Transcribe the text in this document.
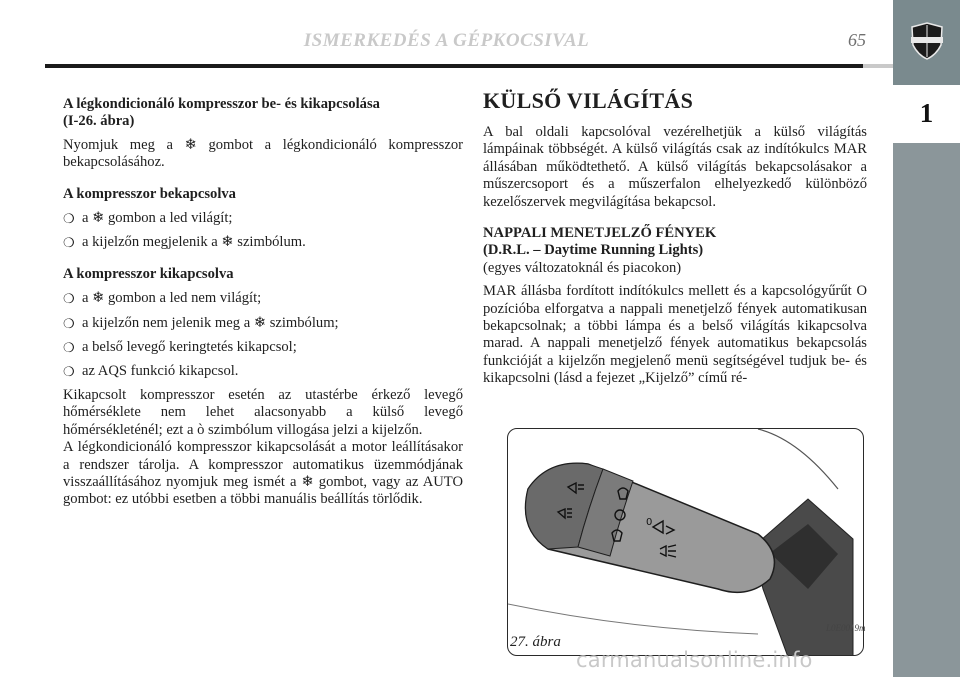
ISMERKEDÉS A GÉPKOCSIVAL	65
1
A légkondicionáló kompresszor be- és kikapcsolása
(I-26. ábra)

Nyomjuk meg a ❄ gombot a légkondicionáló kompresszor bekapcsolásához.

A kompresszor bekapcsolva
❍ a ❄ gombon a led világít;
❍ a kijelzőn megjelenik a ❄ szimbólum.
A kompresszor kikapcsolva
❍ a ❄ gombon a led nem világít;
❍ a kijelzőn nem jelenik meg a ❄ szimbólum;
❍ a belső levegő keringtetés kikapcsol;
❍ az AQS funkció kikapcsol.

Kikapcsolt kompresszor esetén az utastérbe érkező levegő hőmérséklete nem lehet alacsonyabb a külső levegő hőmérsékleténél; ezt a ò szimbólum villogása jelzi a kijelzőn.

A légkondicionáló kompresszor kikapcsolását a motor leállításakor a rendszer tárolja. A kompresszor automatikus üzemmódjának visszaállításához nyomjuk meg ismét a ❄ gombot, vagy az AUTO gombot: ez utóbbi esetben a többi manuális beállítás törlődik.

KÜLSŐ VILÁGÍTÁS

A bal oldali kapcsolóval vezérelhetjük a külső világítás lámpáinak többségét. A külső világítás csak az indítókulcs MAR állásában működtethető. A külső világítás bekapcsolásakor a műszercsoport és a műszerfalon elhelyezkedő különböző kezelőszervek megvilágítása bekapcsol.

NAPPALI MENETJELZŐ FÉNYEK
(D.R.L. – Daytime Running Lights)
(egyes változatoknál és piacokon)

MAR állásba fordított indítókulcs mellett és a kapcsológyűrűt O pozícióba elforgatva a nappali menetjelző fények automatikusan bekapcsolnak; a többi lámpa és a belső világítás kikapcsolva marad. A nappali menetjelző fények automatikus bekapcsolás funkcióját a kijelzőn megjelenő menü segítségével tudjuk be- és kikapcsolni (lásd a fejezet „Kijelző” című ré-

0
27. ábra
L0E0019m
carmanualsonline.info
